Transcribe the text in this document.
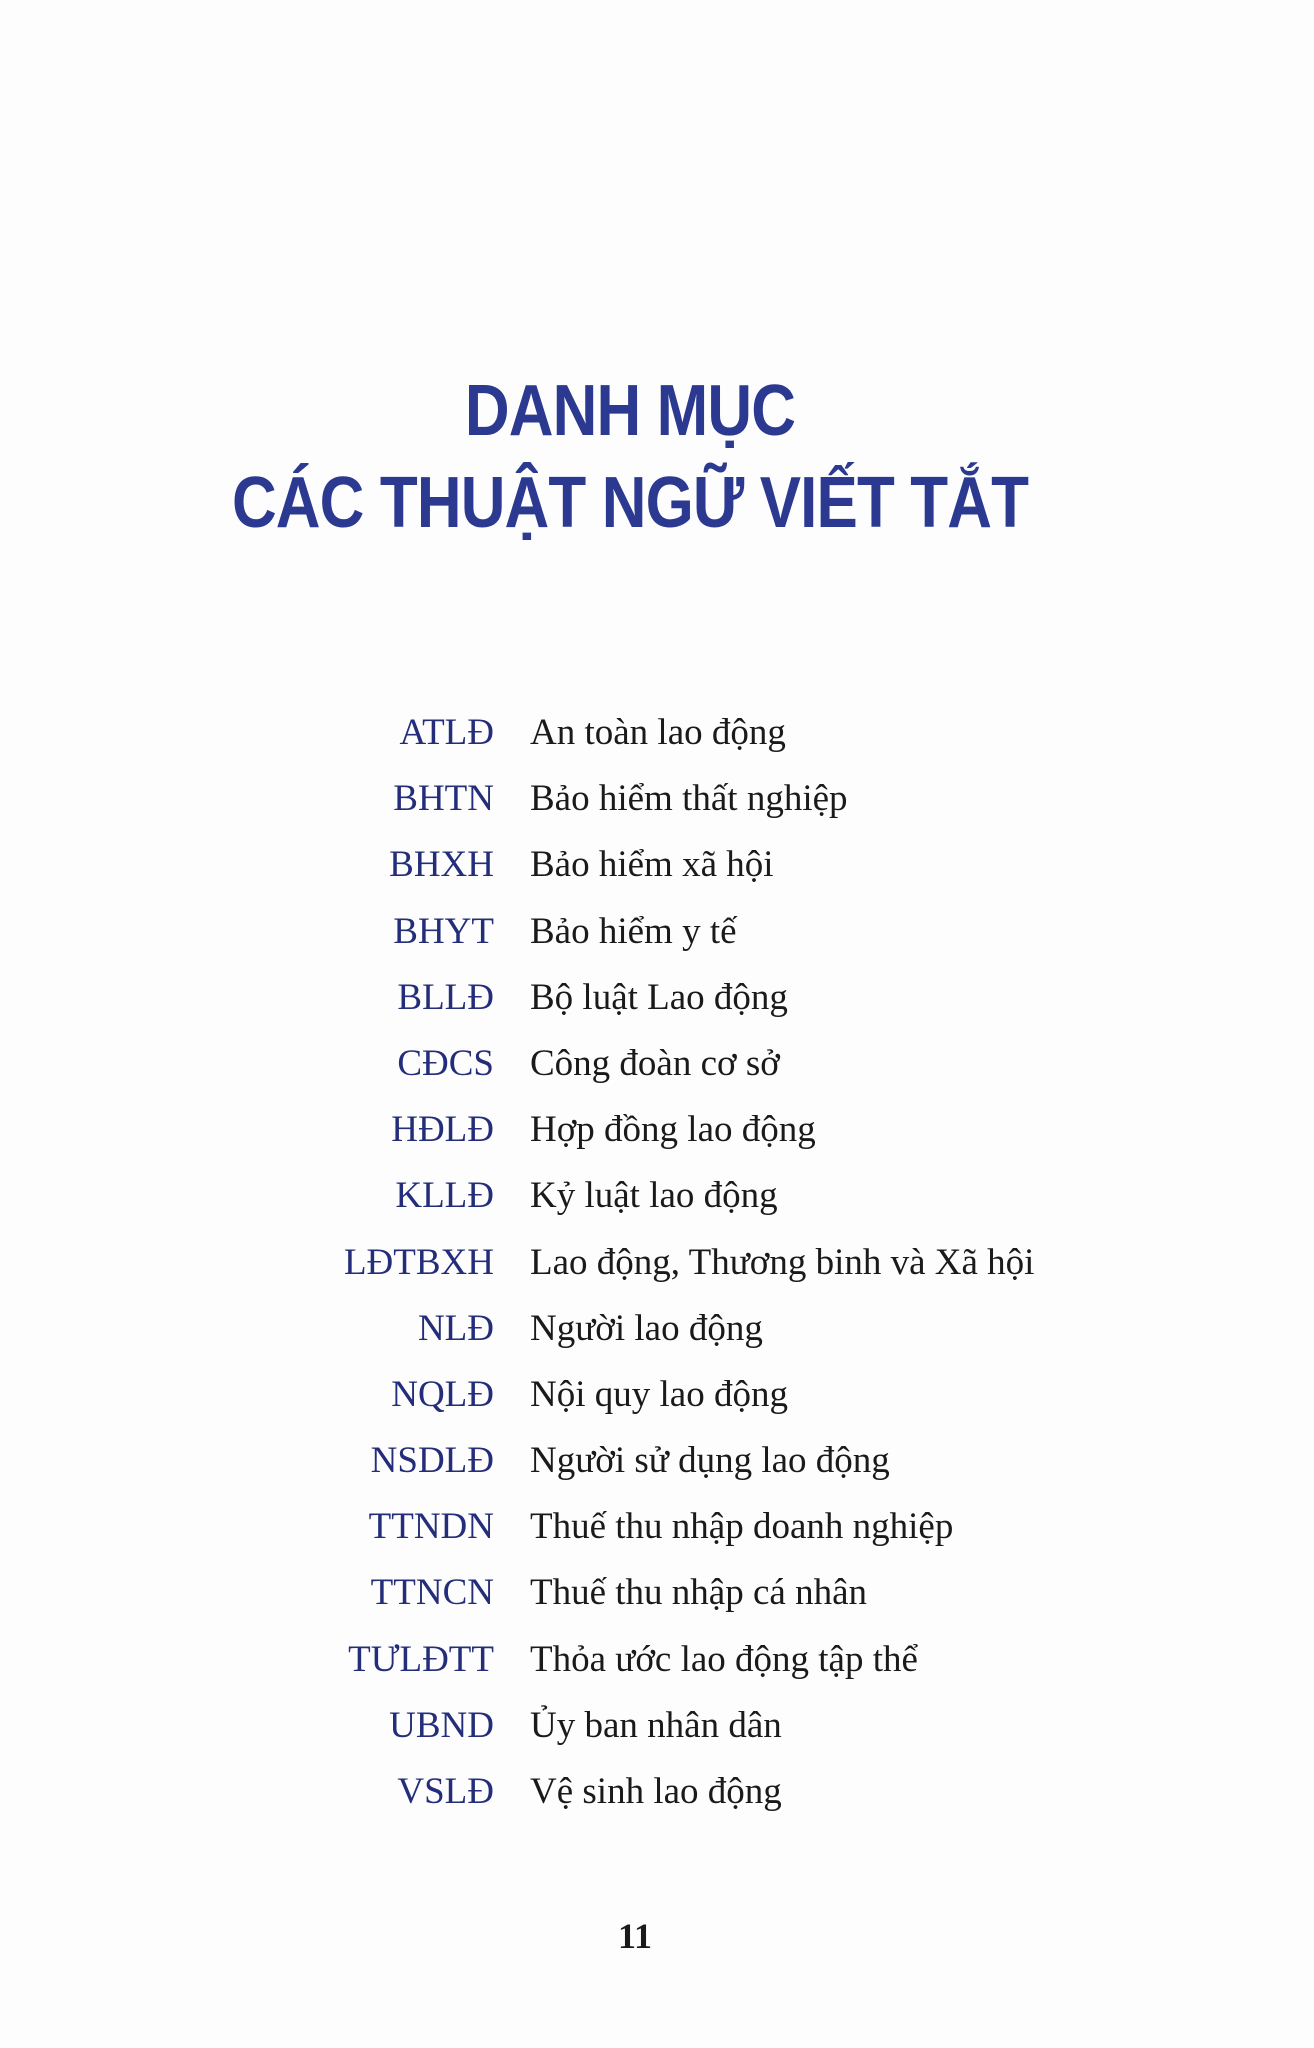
DANH MỤC
CÁC THUẬT NGỮ VIẾT TẮT
ATLĐ An toàn lao động
BHTN Bảo hiểm thất nghiệp
BHXH Bảo hiểm xã hội
BHYT Bảo hiểm y tế
BLLĐ Bộ luật Lao động
CĐCS Công đoàn cơ sở
HĐLĐ Hợp đồng lao động
KLLĐ Kỷ luật lao động
LĐTBXH Lao động, Thương binh và Xã hội
NLĐ Người lao động
NQLĐ Nội quy lao động
NSDLĐ Người sử dụng lao động
TTNDN Thuế thu nhập doanh nghiệp
TTNCN Thuế thu nhập cá nhân
TƯLĐTT Thỏa ước lao động tập thể
UBND Ủy ban nhân dân
VSLĐ Vệ sinh lao động
11
